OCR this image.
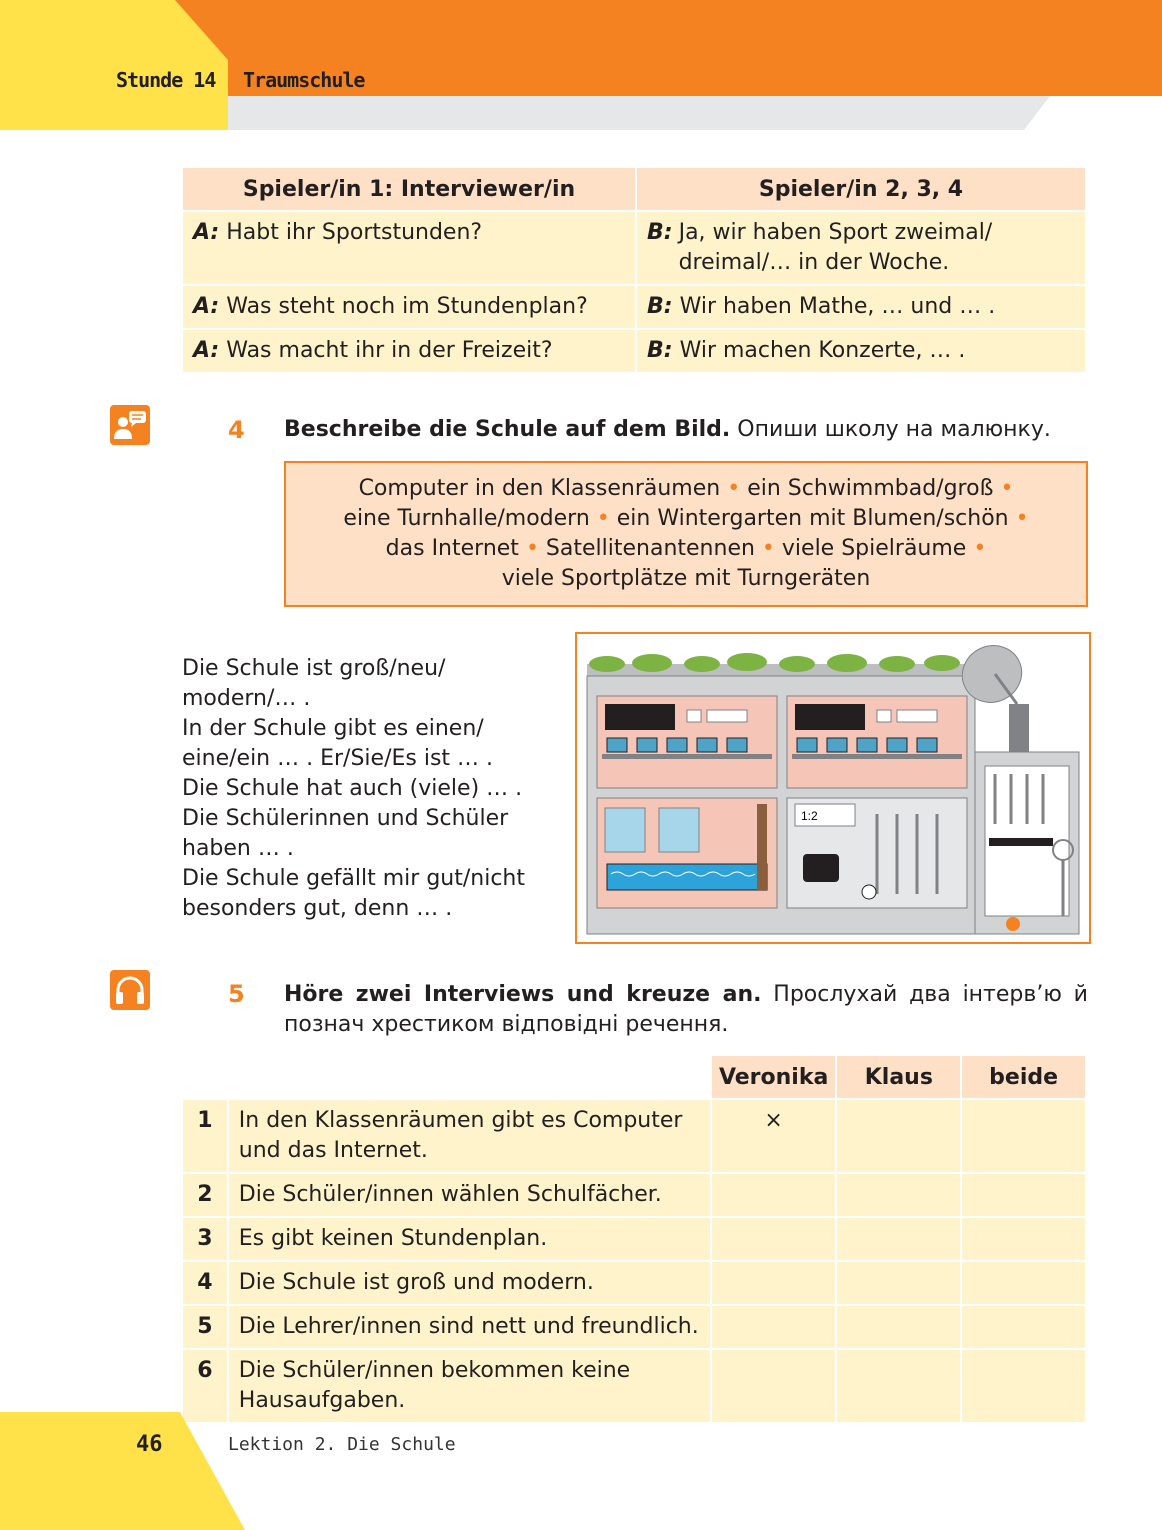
Stunde 14 Traumschule
Spieler/in 1: Interviewer/in	Spieler/in 2, 3, 4
A: Habt ihr Sportstunden?	B: Ja, wir haben Sport zweimal/ dreimal/… in der Woche.

A: Was steht noch im Stundenplan?	B: Wir haben Mathe, … und … .
A: Was macht ihr in der Freizeit?	B: Wir machen Konzerte, … .
4 Beschreibe die Schule auf dem Bild. Опиши школу на малюнку.
Computer in den Klassenräumen • ein Schwimmbad/groß •
eine Turnhalle/modern • ein Wintergarten mit Blumen/schön •
das Internet • Satellitenantennen • viele Spielräume •
viele Sportplätze mit Turngeräten
Die Schule ist groß/neu/
modern/… .
In der Schule gibt es einen/
eine/ein … . Er/Sie/Es ist … .
Die Schule hat auch (viele) … .
Die Schülerinnen und Schüler
haben … .
Die Schule gefällt mir gut/nicht
besonders gut, denn … .
1:2
5 Höre zwei Interviews und kreuze an. Прослухай два інтерв’ю й познач хрестиком відповідні речення.
		Veronika	Klaus	beide
1	In den Klassenräumen gibt es Computer und das Internet.	×		
2	Die Schüler/innen wählen Schulfächer.			
3	Es gibt keinen Stundenplan.			
4	Die Schule ist groß und modern.			
5	Die Lehrer/innen sind nett und freundlich.			
6	Die Schüler/innen bekommen keine Hausaufgaben.			
46	Lektion 2. Die Schule
